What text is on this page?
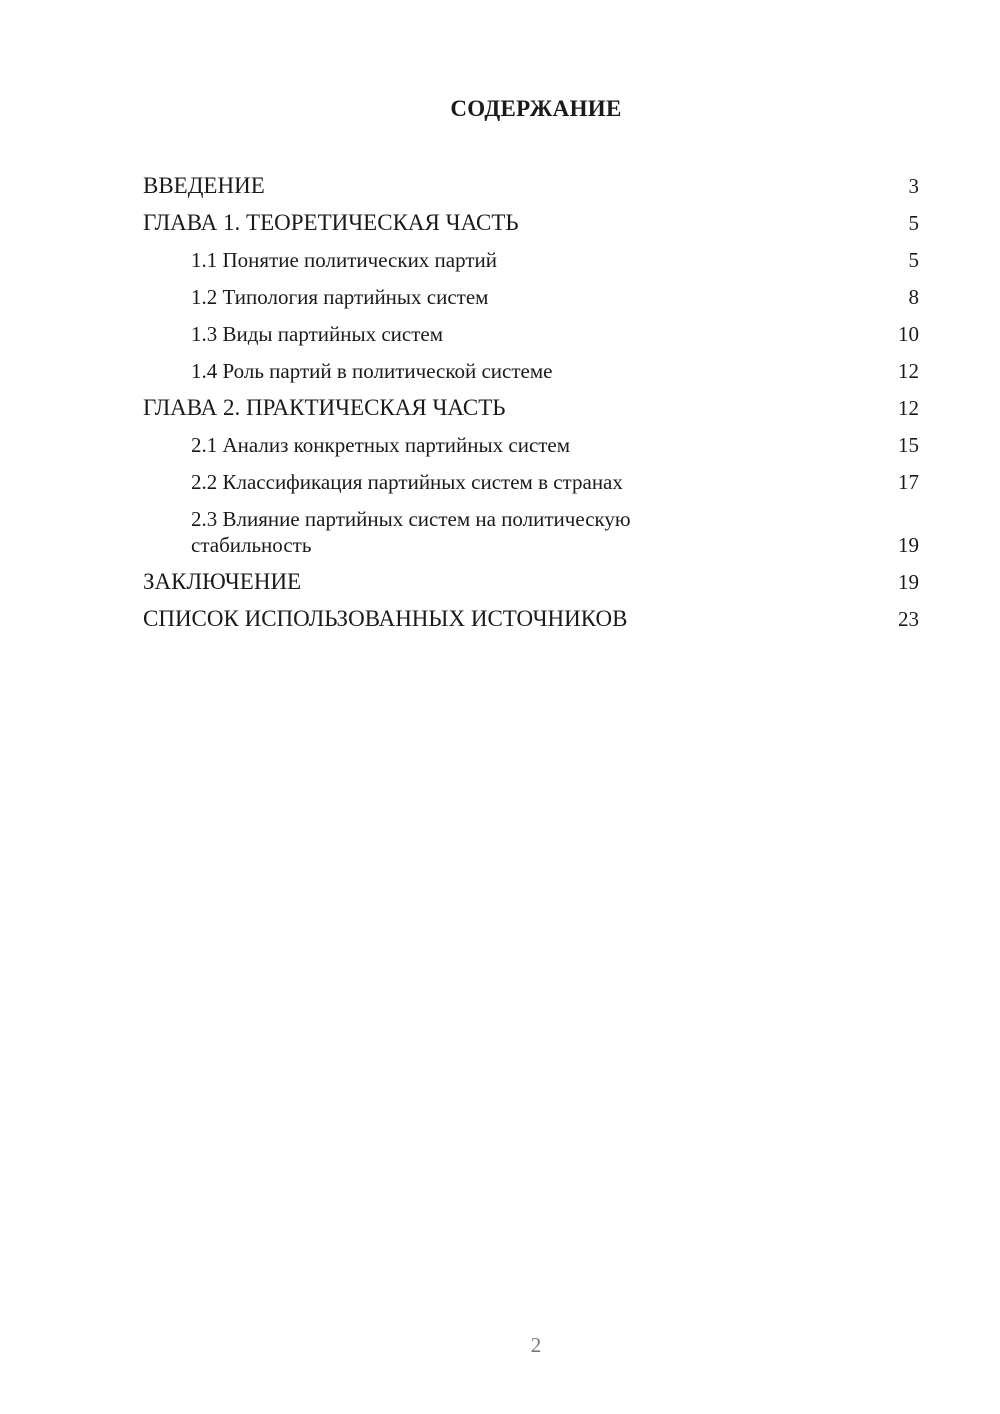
СОДЕРЖАНИЕ
ВВЕДЕНИЕ	3
ГЛАВА 1. ТЕОРЕТИЧЕСКАЯ ЧАСТЬ	5
1.1 Понятие политических партий	5
1.2 Типология партийных систем	8
1.3 Виды партийных систем	10
1.4 Роль партий в политической системе	12
ГЛАВА 2. ПРАКТИЧЕСКАЯ ЧАСТЬ	12
2.1 Анализ конкретных партийных систем	15
2.2 Классификация партийных систем в странах	17
2.3 Влияние партийных систем на политическую стабильность	19
ЗАКЛЮЧЕНИЕ	19
СПИСОК ИСПОЛЬЗОВАННЫХ ИСТОЧНИКОВ	23
2
